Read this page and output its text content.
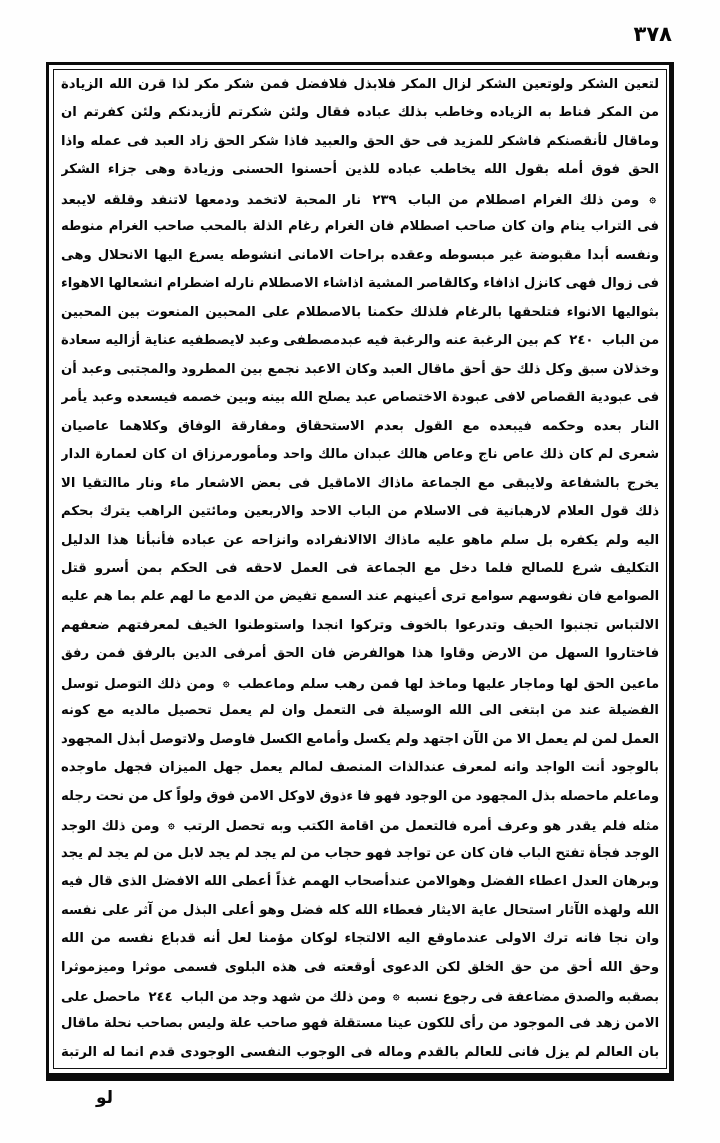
٣٧٨
لتعين الشكر ولوتعين الشكر لزال المكر فلابذل فلافضل فمن شكر مكر لذا قرن الله الزيادة
من المكر فناط به الزياده وخاطب بذلك عباده فقال ولئن شكرتم لأزيدنكم ولئن كفرتم ان
وماقال لأنقصنكم فاشكر للمزيد فى حق الحق والعبيد فاذا شكر الحق زاد العبد فى عمله واذا
الحق فوق أمله بقول الله يخاطب عباده للذين أحسنوا الحسنى وزيادة وهى جزاء الشكر
۞ ومن ذلك الغرام اصطلام من الباب ٢٣٩ نار المحبة لاتخمد ودمعها لاتنفد وقلقه لايبعد
فى التراب ينام وان كان صاحب اصطلام فان الغرام رغام الذلة بالمحب صاحب الغرام منوطه
ونفسه أبدا مقبوضة غير مبسوطه وعقده براحات الامانى انشوطه يسرع اليها الانحلال وهى
فى زوال فهى كانزل اذافاء وكالقاصر المشية اذاشاء الاصطلام نارله اضطرام انشعالها الاهواء
بثواليها الانواء فتلحقها بالرغام فلذلك حكمنا بالاصطلام على المحبين المنعوت بين المحبين
من الباب ٢٤٠ كم بين الرغبة عنه والرغبة فيه عبدمصطفى وعبد لايصطفيه عناية أزاليه سعادة
وخذلان سبق وكل ذلك حق أحق ماقال العبد وكان الاعبد نجمع بين المطرود والمجتبى وعبد أن
فى عبودية القصاص لافى عبودة الاختصاص عبد يصلح الله بينه وبين خصمه فيسعده وعبد يأمر
النار بعده وحكمه فيبعده مع القول بعدم الاستحقاق ومفارقة الوفاق وكلاهما عاصيان
شعرى لم كان ذلك عاص ناج وعاص هالك عبدان مالك واحد ومأمورمرزاق ان كان لعمارة الدار
يخرج بالشفاعة ولايبقى مع الجماعة ماذاك الاماقيل فى بعض الاشعار ماء ونار ماالتقيا الا
ذلك قول العلام لارهبانية فى الاسلام من الباب الاحد والاربعين ومائتين الراهب يترك بحكم
اليه ولم يكفره بل سلم ماهو عليه ماذاك الاالانفراده وانزاحه عن عباده فأنبأنا هذا الدليل
التكليف شرع للصالح فلما دخل مع الجماعة فى العمل لاحقه فى الحكم بمن أسرو قتل
الصوامع فان نفوسهم سوامع ترى أعينهم عند السمع تفيض من الدمع ما لهم علم بما هم عليه
الالتباس تجنبوا الحيف وتدرعوا بالخوف وتركوا انجدا واستوطنوا الخيف لمعرفتهم ضعفهم
فاختاروا السهل من الارض وقاوا هذا هوالفرض فان الحق أمرفى الدين بالرفق فمن رفق
ماعين الحق لها وماجار عليها وماخذ لها فمن رهب سلم وماعطب ۞ ومن ذلك التوصل توسل
الفضيلة عند من ابتغى الى الله الوسيلة فى التعمل وان لم يعمل تحصيل مالديه مع كونه
العمل لمن لم يعمل الا من الآن اجتهد ولم يكسل وأمامع الكسل فاوصل ولاتوصل أبذل المجهود
بالوجود أنت الواجد وانه لمعرف عندالذات المنصف لمالم يعمل جهل الميزان فجهل ماوجده
وماعلم ماحصله بذل المجهود من الوجود فهو فا ءذوق لاوكل الامن فوق ولواً كل من نحت رجله
مثله فلم يقدر هو وعرف أمره فالتعمل من اقامة الكتب وبه تحصل الرتب ۞ ومن ذلك الوجد
الوجد فجأة تفتح الباب فان كان عن تواجد فهو حجاب من لم يجد لم يجد لابل من لم يجد لم يجد
وبرهان العدل اعطاء الفضل وهوالامن عندأصحاب الهمم غذاً أعطى الله الافضل الذى قال فيه
الله ولهذه الآثار استحال عاية الايثار فعطاء الله كله فضل وهو أعلى البذل من آثر على نفسه
وان نجا فانه ترك الاولى عندماوقع اليه الالتجاء لوكان مؤمنا لعل أنه قدباع نفسه من الله
وحق الله أحق من حق الخلق لكن الدعوى أوقعته فى هذه البلوى فسمى موثرا وميزموثرا
بصقبه والصدق مضاعفة فى رجوع نسبه ۞ ومن ذلك من شهد وجد من الباب ٢٤٤ ماحصل على
الامن زهد فى الموجود من رأى للكون عينا مستقلة فهو صاحب علة وليس بصاحب نحلة ماقال
بان العالم لم يزل فانى للعالم بالقدم وماله فى الوجوب النفسى الوجودى قدم انما له الرتبة
لو
